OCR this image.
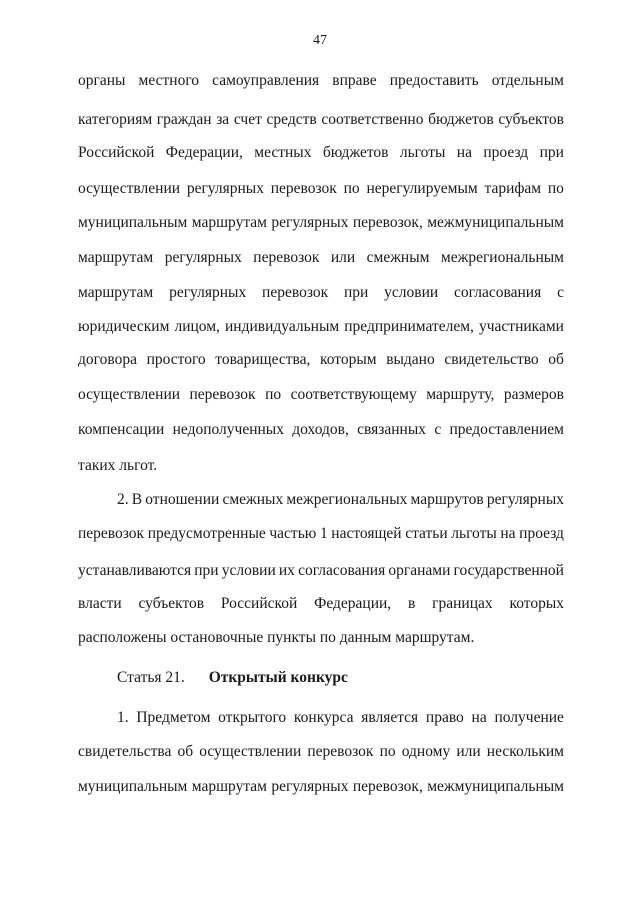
47
органы местного самоуправления вправе предоставить отдельным
категориям граждан за счет средств соответственно бюджетов субъектов
Российской Федерации, местных бюджетов льготы на проезд при
осуществлении регулярных перевозок по нерегулируемым тарифам по
муниципальным маршрутам регулярных перевозок, межмуниципальным
маршрутам регулярных перевозок или смежным межрегиональным
маршрутам регулярных перевозок при условии согласования с
юридическим лицом, индивидуальным предпринимателем, участниками
договора простого товарищества, которым выдано свидетельство об
осуществлении перевозок по соответствующему маршруту, размеров
компенсации недополученных доходов, связанных с предоставлением
таких льгот.
2. В отношении смежных межрегиональных маршрутов регулярных
перевозок предусмотренные частью 1 настоящей статьи льготы на проезд
устанавливаются при условии их согласования органами государственной
власти субъектов Российской Федерации, в границах которых
расположены остановочные пункты по данным маршрутам.
Статья 21. Открытый конкурс
1. Предметом открытого конкурса является право на получение
свидетельства об осуществлении перевозок по одному или нескольким
муниципальным маршрутам регулярных перевозок, межмуниципальным
